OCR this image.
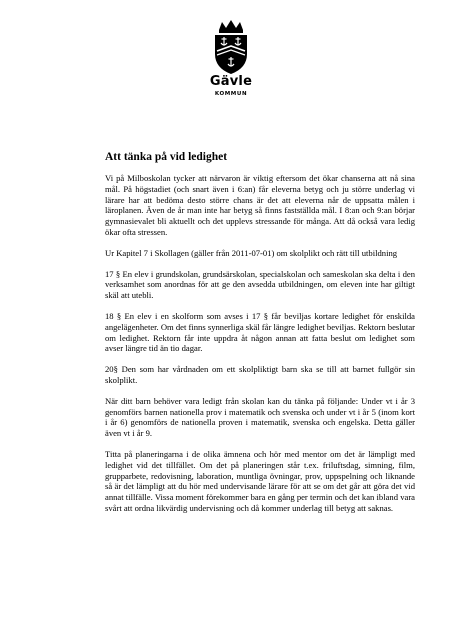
Gävle
KOMMUN
Att tänka på vid ledighet

Vi på Milboskolan tycker att närvaron är viktig eftersom det ökar chanserna att nå sina mål. På högstadiet (och snart även i 6:an) får eleverna betyg och ju större underlag vi lärare har att bedöma desto större chans är det att eleverna når de uppsatta målen i läroplanen. Även de år man inte har betyg så finns fastställda mål. I 8:an och 9:an börjar gymnasievalet bli aktuellt och det upplevs stressande för många. Att då också vara ledig ökar ofta stressen.

Ur Kapitel 7 i Skollagen (gäller från 2011-07-01) om skolplikt och rätt till utbildning

17 § En elev i grundskolan, grundsärskolan, specialskolan och sameskolan ska delta i den verksamhet som anordnas för att ge den avsedda utbildningen, om eleven inte har giltigt skäl att utebli.

18 § En elev i en skolform som avses i 17 § får beviljas kortare ledighet för enskilda angelägenheter. Om det finns synnerliga skäl får längre ledighet beviljas. Rektorn beslutar om ledighet. Rektorn får inte uppdra åt någon annan att fatta beslut om ledighet som avser längre tid än tio dagar.

20§ Den som har vårdnaden om ett skolpliktigt barn ska se till att barnet fullgör sin skolplikt.

När ditt barn behöver vara ledigt från skolan kan du tänka på följande: Under vt i år 3 genomförs barnen nationella prov i matematik och svenska och under vt i år 5 (inom kort i år 6) genomförs de nationella proven i matematik, svenska och engelska. Detta gäller även vt i år 9.

Titta på planeringarna i de olika ämnena och hör med mentor om det är lämpligt med ledighet vid det tillfället. Om det på planeringen står t.ex. friluftsdag, simning, film, grupparbete, redovisning, laboration, muntliga övningar, prov, uppspelning och liknande så är det lämpligt att du hör med undervisande lärare för att se om det går att göra det vid annat tillfälle. Vissa moment förekommer bara en gång per termin och det kan ibland vara svårt att ordna likvärdig undervisning och då kommer underlag till betyg att saknas.
